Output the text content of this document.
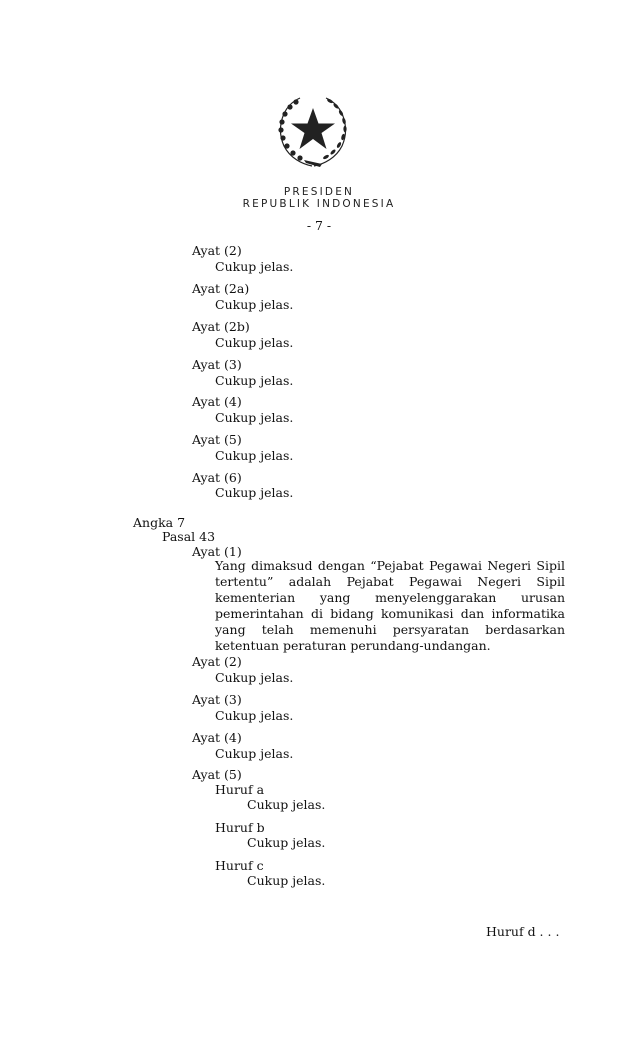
PRESIDEN
REPUBLIK INDONESIA
- 7 -
Ayat (2)
Cukup jelas.
Ayat (2a)
Cukup jelas.
Ayat (2b)
Cukup jelas.
Ayat (3)
Cukup jelas.
Ayat (4)
Cukup jelas.
Ayat (5)
Cukup jelas.
Ayat (6)
Cukup jelas.
Angka 7
Pasal 43
Ayat (1)
Yang dimaksud dengan “Pejabat Pegawai Negeri Sipil
tertentu” adalah Pejabat Pegawai Negeri Sipil
kementerian yang menyelenggarakan urusan
pemerintahan di bidang komunikasi dan informatika
yang telah memenuhi persyaratan berdasarkan
ketentuan peraturan perundang-undangan.
Ayat (2)
Cukup jelas.
Ayat (3)
Cukup jelas.
Ayat (4)
Cukup jelas.
Ayat (5)
Huruf a
Cukup jelas.
Huruf b
Cukup jelas.
Huruf c
Cukup jelas.
Huruf d . . .
